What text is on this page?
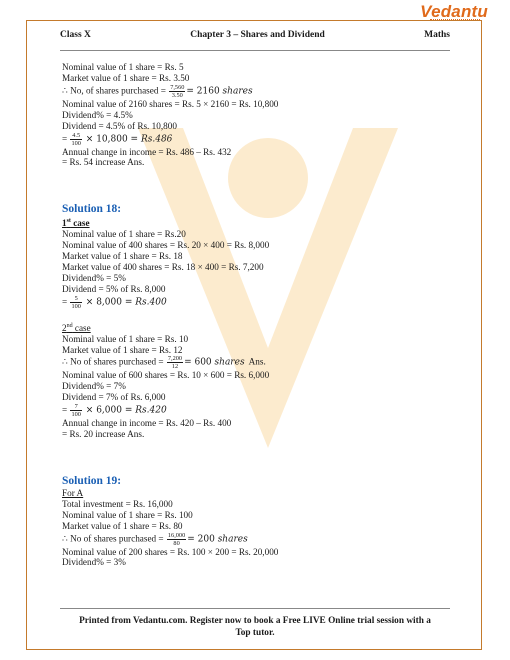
Vedantu
Class X	Chapter 3 – Shares and Dividend	Maths
Nominal value of 1 share = Rs. 5
Market value of 1 share = Rs. 3.50
∴ No, of shares purchased = $\frac{7,560}{3.50} = 2160$ shares
Nominal value of 2160 shares = Rs. 5 × 2160 = Rs. 10,800
Dividend% = 4.5%
Dividend = 4.5% of Rs. 10,800
= $\frac{4.5}{100} \times 10,800 = Rs.486$
Annual change in income = Rs. 486 – Rs. 432
= Rs. 54 increase Ans.
Solution 18:
1st case
Nominal value of 1 share = Rs.20
Nominal value of 400 shares = Rs. 20 × 400 = Rs. 8,000
Market value of 1 share = Rs. 18
Market value of 400 shares = Rs. 18 × 400 = Rs. 7,200
Dividend% = 5%
Dividend = 5% of Rs. 8,000
= $\frac{5}{100} \times 8,000 = Rs.400$
2nd case
Nominal value of 1 share = Rs. 10
Market value of 1 share = Rs. 12
∴ No of shares purchased = $\frac{7,200}{12} = 600$ shares  Ans.
Nominal value of 600 shares = Rs. 10 × 600 = Rs. 6,000
Dividend% = 7%
Dividend = 7% of Rs. 6,000
= $\frac{7}{100} \times 6,000 = Rs.420$
Annual change in income = Rs. 420 – Rs. 400
= Rs. 20 increase Ans.
Solution 19:
For A
Total investment = Rs. 16,000
Nominal value of 1 share = Rs. 100
Market value of 1 share = Rs. 80
∴ No of shares purchased = $\frac{16,000}{80} = 200$ shares
Nominal value of 200 shares = Rs. 100 × 200 = Rs. 20,000
Dividend% = 3%
Printed from Vedantu.com. Register now to book a Free LIVE Online trial session with a
Top tutor.
